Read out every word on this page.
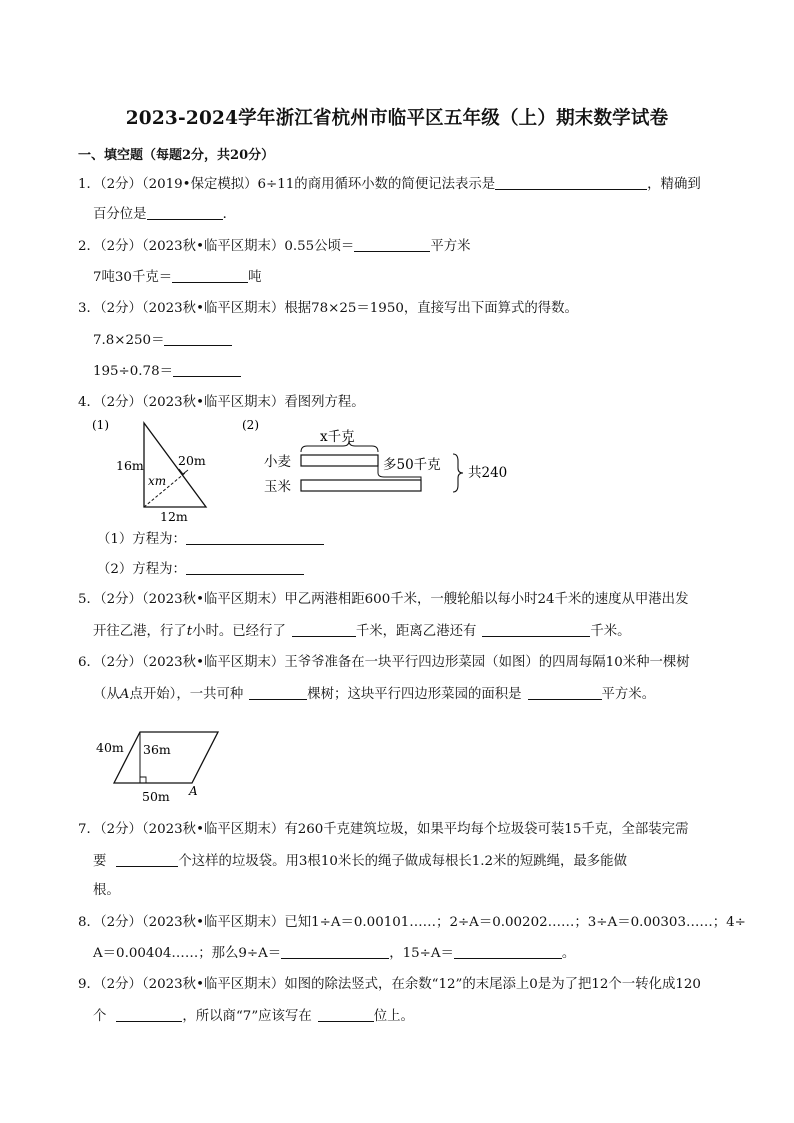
2023-2024学年浙江省杭州市临平区五年级（上）期末数学试卷
一、填空题（每题2分，共20分）
1．（2分）（2019•保定模拟）6÷11的商用循环小数的简便记法表示是	，精确到
百分位是	．
2．（2分）（2023秋•临平区期末）0.55公顷＝	平方米
7吨30千克＝	吨
3．（2分）（2023秋•临平区期末）根据78×25＝1950，直接写出下面算式的得数。
7.8×250＝
195÷0.78＝
4．（2分）（2023秋•临平区期末）看图列方程。
(1)
16m	20m
xm
12m
(2)
x千克
小麦	多50千克
玉米
共240
（1）方程为：
（2）方程为：
5．（2分）（2023秋•临平区期末）甲乙两港相距600千米，一艘轮船以每小时24千米的速度从甲港出发
开往乙港，行了t小时。已经行了	千米，距离乙港还有	千米。
6．（2分）（2023秋•临平区期末）王爷爷准备在一块平行四边形菜园（如图）的四周每隔10米种一棵树
（从A点开始），一共可种	棵树；这块平行四边形菜园的面积是	平方米。
40m 36m
50m A
7．（2分）（2023秋•临平区期末）有260千克建筑垃圾，如果平均每个垃圾袋可装15千克，全部装完需
要	个这样的垃圾袋。用3根10米长的绳子做成每根长1.2米的短跳绳，最多能做
根。
8．（2分）（2023秋•临平区期末）已知1÷A＝0.00101……；2÷A＝0.00202……；3÷A＝0.00303……；4÷
A＝0.00404……；那么9÷A＝	，15÷A＝	。
9．（2分）（2023秋•临平区期末）如图的除法竖式，在余数“12”的末尾添上0是为了把12个一转化成120
个	，所以商“7”应该写在	位上。
